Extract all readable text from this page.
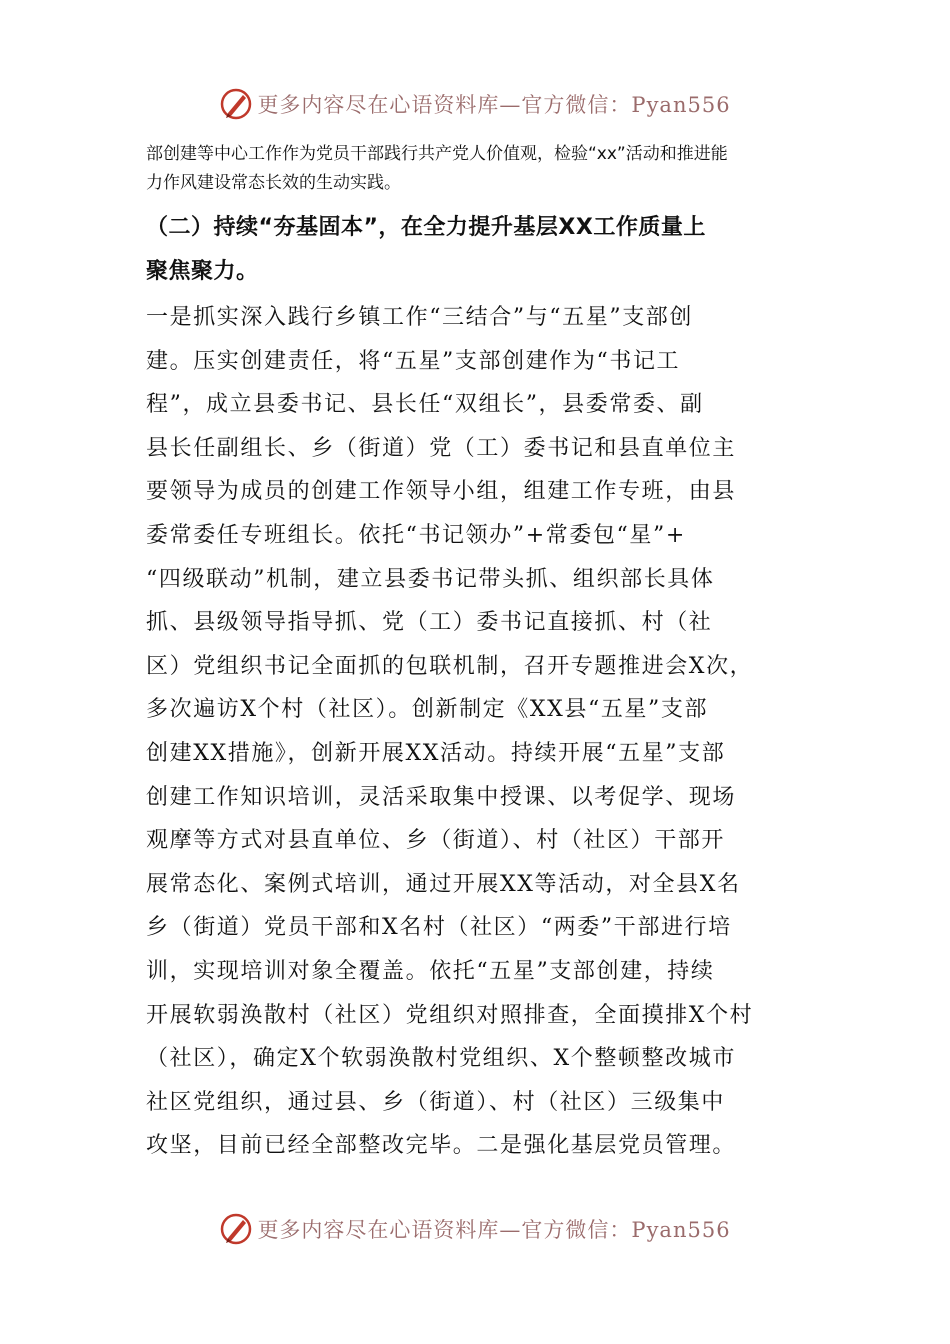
更多内容尽在心语资料库—官方微信：Pyan556

部创建等中心工作作为党员干部践行共产党人价值观，检验“xx”活动和推进能

力作风建设常态长效的生动实践。

（二）持续“夯基固本”，在全力提升基层XX工作质量上

聚焦聚力。

一是抓实深入践行乡镇工作“三结合”与“五星”支部创

建。压实创建责任，将“五星”支部创建作为“书记工

程”，成立县委书记、县长任“双组长”，县委常委、副

县长任副组长、乡（街道）党（工）委书记和县直单位主

要领导为成员的创建工作领导小组，组建工作专班，由县

委常委任专班组长。依托“书记领办”+常委包“星”+

“四级联动”机制，建立县委书记带头抓、组织部长具体

抓、县级领导指导抓、党（工）委书记直接抓、村（社

区）党组织书记全面抓的包联机制，召开专题推进会X次，

多次遍访X个村（社区）。创新制定《XX县“五星”支部

创建XX措施》，创新开展XX活动。持续开展“五星”支部

创建工作知识培训，灵活采取集中授课、以考促学、现场

观摩等方式对县直单位、乡（街道）、村（社区）干部开

展常态化、案例式培训，通过开展XX等活动，对全县X名

乡（街道）党员干部和X名村（社区）“两委”干部进行培

训，实现培训对象全覆盖。依托“五星”支部创建，持续

开展软弱涣散村（社区）党组织对照排查，全面摸排X个村

（社区），确定X个软弱涣散村党组织、X个整顿整改城市

社区党组织，通过县、乡（街道）、村（社区）三级集中

攻坚，目前已经全部整改完毕。二是强化基层党员管理。

更多内容尽在心语资料库—官方微信：Pyan556
